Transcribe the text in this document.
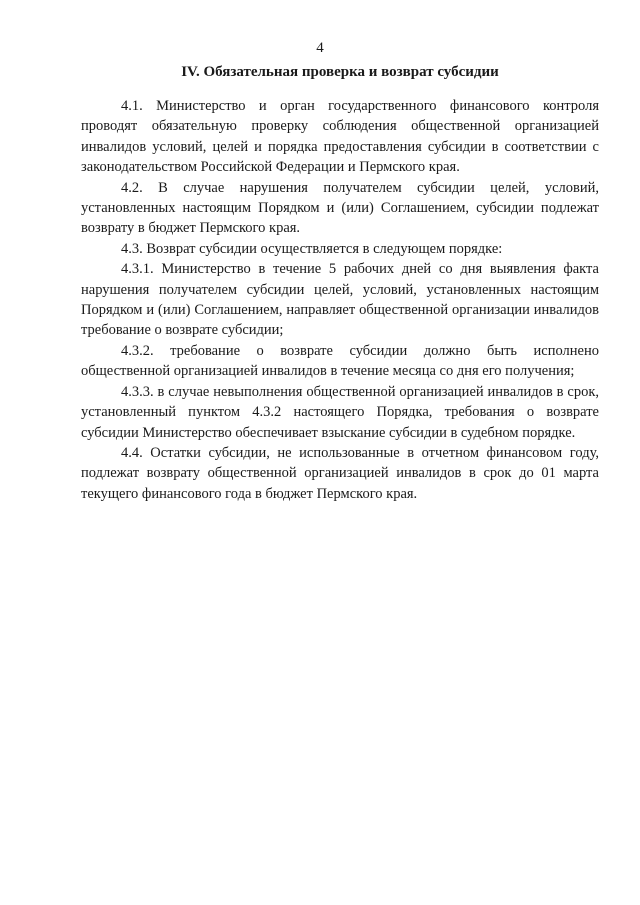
4
IV. Обязательная проверка и возврат субсидии

4.1. Министерство и орган государственного финансового контроля проводят обязательную проверку соблюдения общественной организацией инвалидов условий, целей и порядка предоставления субсидии в соответствии с законодательством Российской Федерации и Пермского края.

4.2. В случае нарушения получателем субсидии целей, условий, установленных настоящим Порядком и (или) Соглашением, субсидии подлежат возврату в бюджет Пермского края.

4.3. Возврат субсидии осуществляется в следующем порядке:

4.3.1. Министерство в течение 5 рабочих дней со дня выявления факта нарушения получателем субсидии целей, условий, установленных настоящим Порядком и (или) Соглашением, направляет общественной организации инвалидов требование о возврате субсидии;

4.3.2. требование о возврате субсидии должно быть исполнено общественной организацией инвалидов в течение месяца со дня его получения;

4.3.3. в случае невыполнения общественной организацией инвалидов в срок, установленный пунктом 4.3.2 настоящего Порядка, требования о возврате субсидии Министерство обеспечивает взыскание субсидии в судебном порядке.

4.4. Остатки субсидии, не использованные в отчетном финансовом году, подлежат возврату общественной организацией инвалидов в срок до 01 марта текущего финансового года в бюджет Пермского края.
